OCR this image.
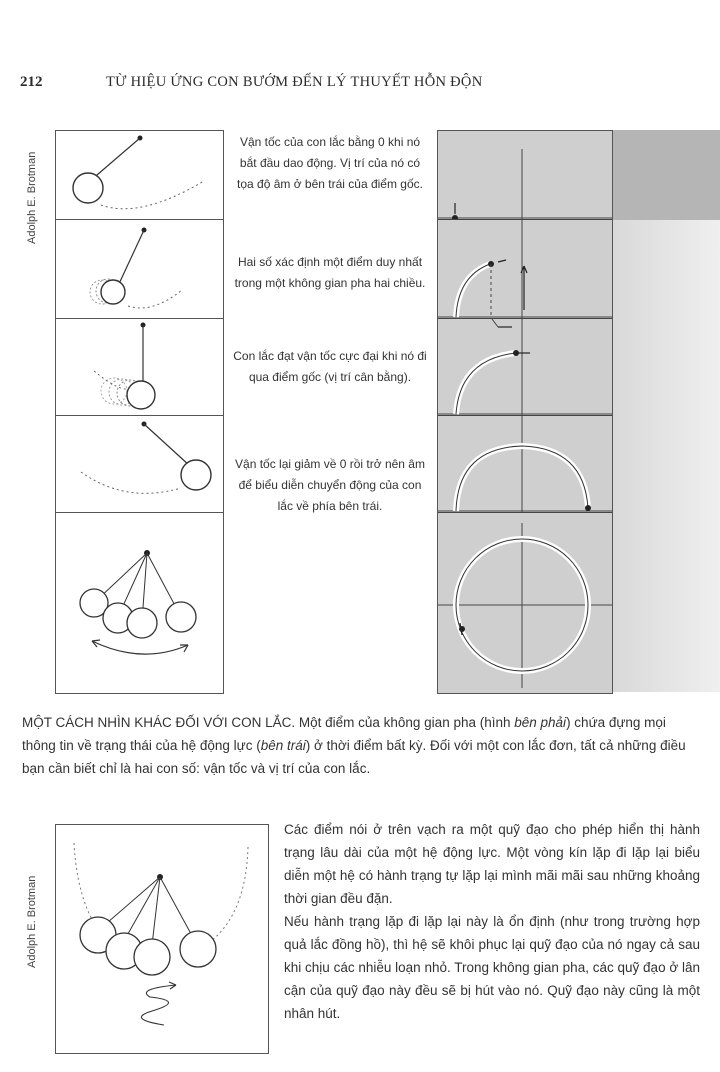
212	TỪ HIỆU ỨNG CON BƯỚM ĐẾN LÝ THUYẾT HỖN ĐỘN
Adolph E. Brotman
Vận tốc của con lắc bằng 0 khi nó bắt đầu dao động. Vị trí của nó có tọa độ âm ở bên trái của điểm gốc.
Hai số xác định một điểm duy nhất trong một không gian pha hai chiều.
Con lắc đạt vận tốc cực đại khi nó đi qua điểm gốc (vị trí cân bằng).
Vận tốc lại giảm về 0 rồi trở nên âm để biểu diễn chuyển động của con lắc về phía bên trái.
MỘT CÁCH NHÌN KHÁC ĐỐI VỚI CON LẮC. Một điểm của không gian pha (hình bên phải) chứa đựng mọi thông tin về trạng thái của hệ động lực (bên trái) ở thời điểm bất kỳ. Đối với một con lắc đơn, tất cả những điều bạn cần biết chỉ là hai con số: vận tốc và vị trí của con lắc.
Adolph E. Brotman

Các điểm nói ở trên vạch ra một quỹ đạo cho phép hiển thị hành trạng lâu dài của một hệ động lực. Một vòng kín lặp đi lặp lại biểu diễn một hệ có hành trạng tự lặp lại mình mãi mãi sau những khoảng thời gian đều đặn.

Nếu hành trạng lặp đi lặp lại này là ổn định (như trong trường hợp quả lắc đồng hồ), thì hệ sẽ khôi phục lại quỹ đạo của nó ngay cả sau khi chịu các nhiễu loạn nhỏ. Trong không gian pha, các quỹ đạo ở lân cận của quỹ đạo này đều sẽ bị hút vào nó. Quỹ đạo này cũng là một nhân hút.
